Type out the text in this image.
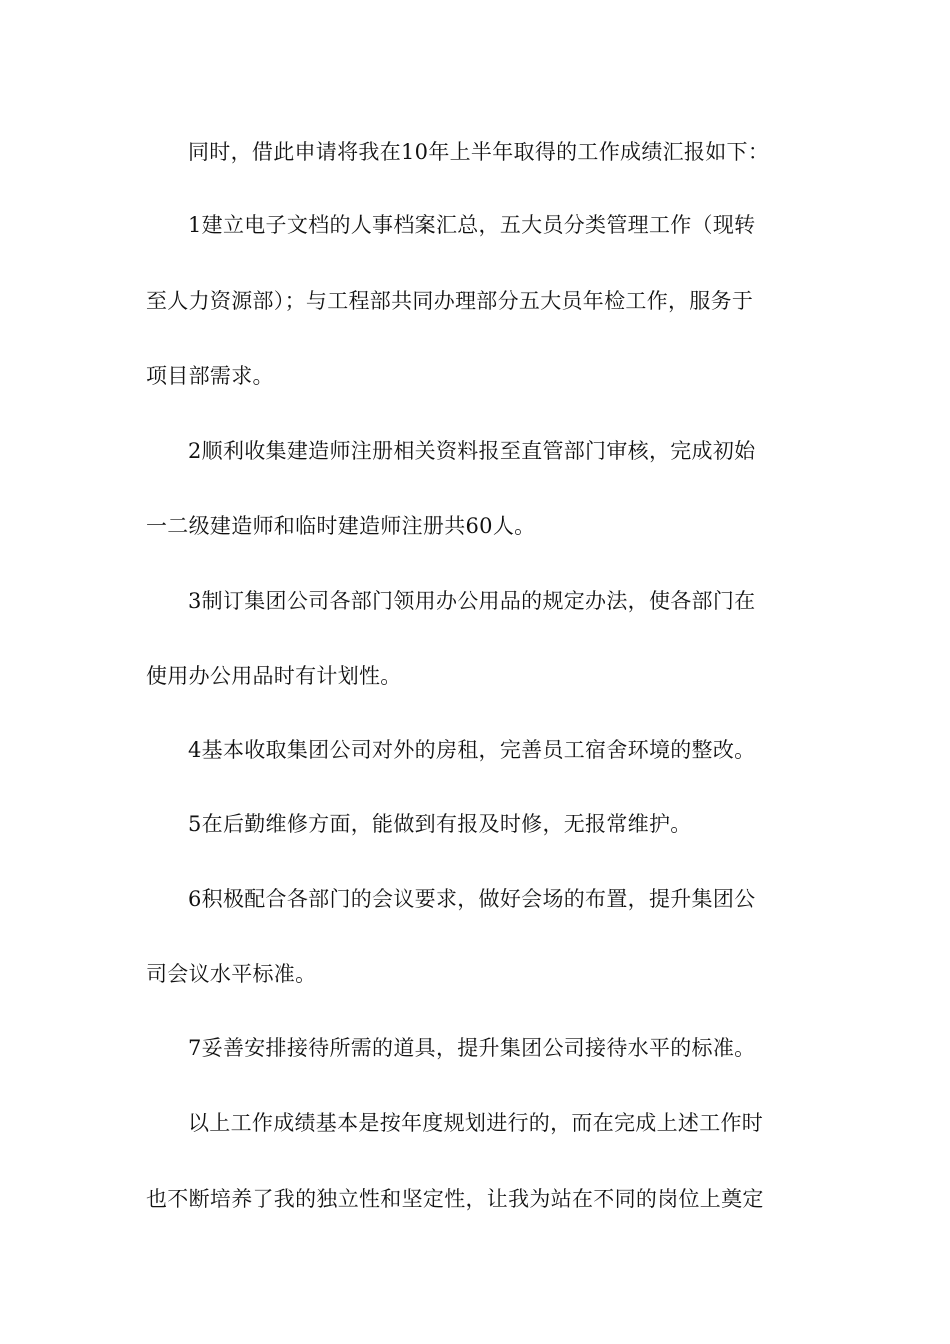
同时，借此申请将我在10年上半年取得的工作成绩汇报如下：
1建立电子文档的人事档案汇总，五大员分类管理工作（现转
至人力资源部）；与工程部共同办理部分五大员年检工作，服务于
项目部需求。
2顺利收集建造师注册相关资料报至直管部门审核，完成初始
一二级建造师和临时建造师注册共60人。
3制订集团公司各部门领用办公用品的规定办法，使各部门在
使用办公用品时有计划性。
4基本收取集团公司对外的房租，完善员工宿舍环境的整改。
5在后勤维修方面，能做到有报及时修，无报常维护。
6积极配合各部门的会议要求，做好会场的布置，提升集团公
司会议水平标准。
7妥善安排接待所需的道具，提升集团公司接待水平的标准。
以上工作成绩基本是按年度规划进行的，而在完成上述工作时
也不断培养了我的独立性和坚定性，让我为站在不同的岗位上奠定
